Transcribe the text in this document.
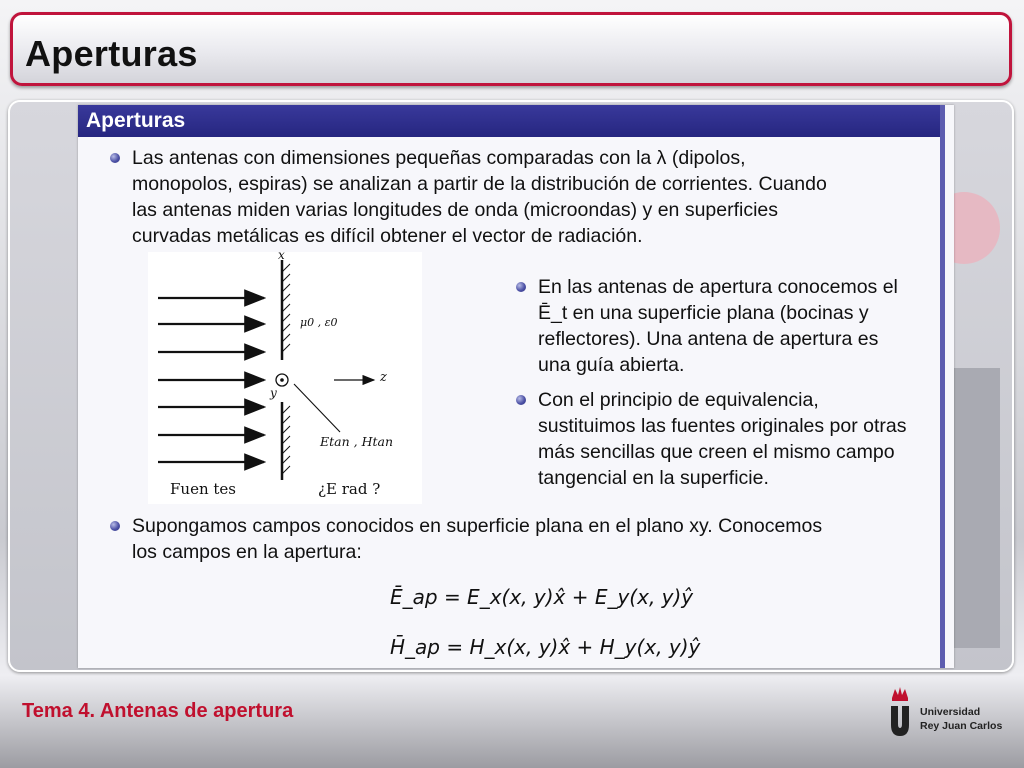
Aperturas
Aperturas
Las antenas con dimensiones pequeñas comparadas con la λ (dipolos,
monopolos, espiras) se analizan a partir de la distribución de corrientes. Cuando
las antenas miden varias longitudes de onda (microondas) y en superficies
curvadas metálicas es difícil obtener el vector de radiación.
x
μ0 , ε0
y
z
Etan , Htan
Fuen tes	¿E rad ?
En las antenas de apertura conocemos el
Ē_t en una superficie plana (bocinas y
reflectores). Una antena de apertura es
una guía abierta.
Con el principio de equivalencia,
sustituimos las fuentes originales por otras
más sencillas que creen el mismo campo
tangencial en la superficie.
Supongamos campos conocidos en superficie plana en el plano xy. Conocemos
los campos en la apertura:
Ē_ap = E_x(x, y)x̂ + E_y(x, y)ŷ
H̄_ap = H_x(x, y)x̂ + H_y(x, y)ŷ
Tema 4. Antenas de apertura	Universidad
Rey Juan Carlos
